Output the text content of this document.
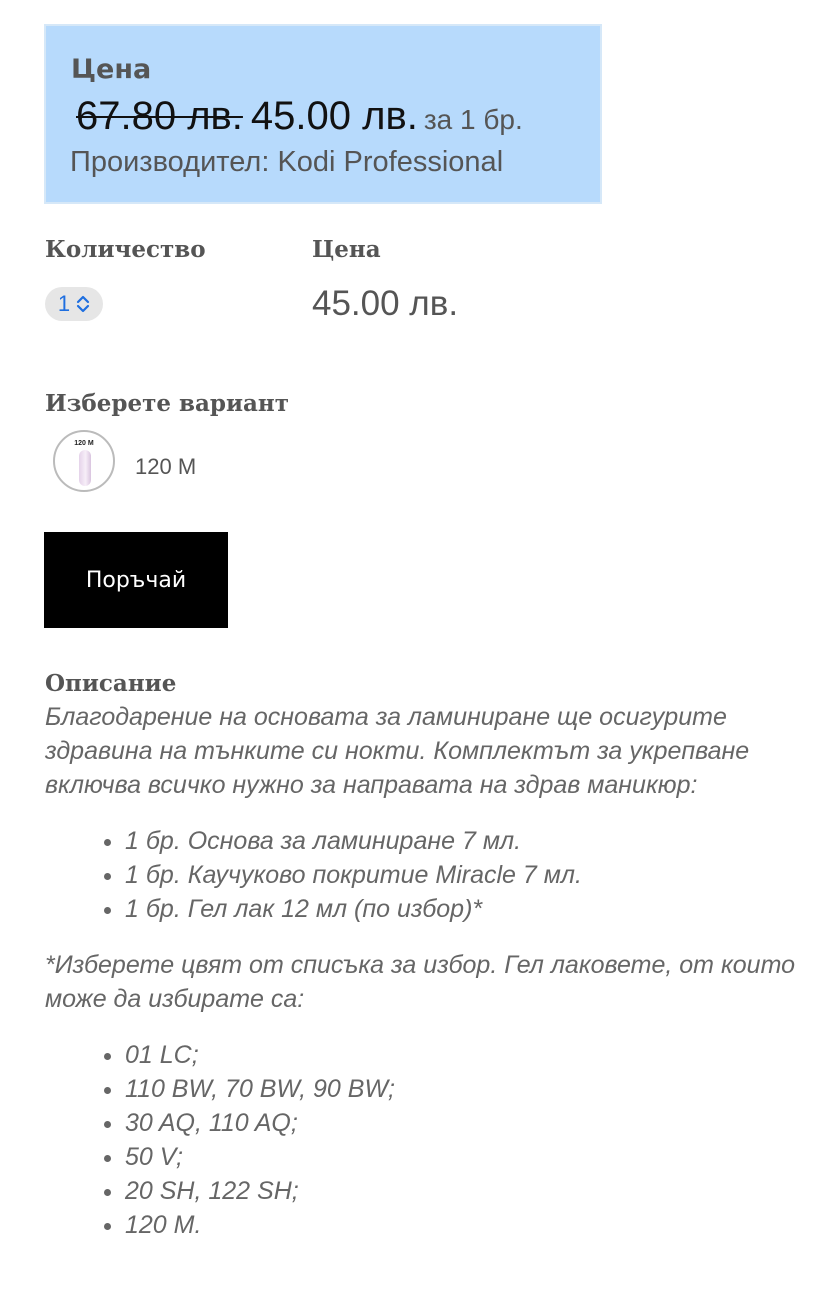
Цена
67.80 лв. 45.00 лв. за 1 бр.
Производител: Kodi Professional
Количество	Цена
1	45.00 лв.
Изберете вариант
120 M
120 M
Поръчай
Описание

Благодарение на основата за ламиниране ще осигурите здравина на тънките си нокти. Комплектът за укрепване включва всичко нужно за направата на здрав маникюр:

• 1 бр. Основа за ламиниране 7 мл.
• 1 бр. Каучуково покритие Miracle 7 мл.
• 1 бр. Гел лак 12 мл (по избор)*

*Изберете цвят от списъка за избор. Гел лаковете, от които може да избирате са:

• 01 LC;
• 110 BW, 70 BW, 90 BW;
• 30 AQ, 110 AQ;
• 50 V;
• 20 SH, 122 SH;
• 120 M.
